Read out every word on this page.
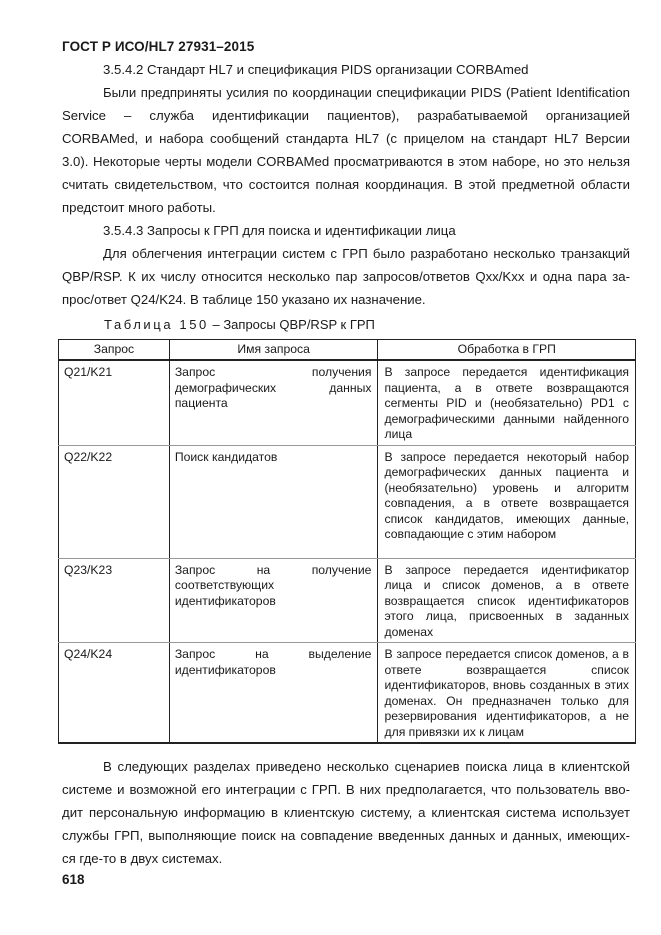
ГОСТ Р ИСО/HL7 27931–2015
3.5.4.2 Стандарт HL7 и спецификация PIDS организации CORBAmed
Были предприняты усилия по координации спецификации PIDS (Patient Identification
Service – служба идентификации пациентов), разрабатываемой организацией
CORBAMed, и набора сообщений стандарта HL7 (с прицелом на стандарт HL7 Версии
3.0). Некоторые черты модели CORBAMed просматриваются в этом наборе, но это нельзя
считать свидетельством, что состоится полная координация. В этой предметной области
предстоит много работы.
3.5.4.3 Запросы к ГРП для поиска и идентификации лица
Для облегчения интеграции систем с ГРП было разработано несколько транзакций
QBP/RSP. К их числу относится несколько пар запросов/ответов Qxx/Kxx и одна пара за-
прос/ответ Q24/K24. В таблице 150 указано их назначение.
Таблица 150 – Запросы QBP/RSP к ГРП
Запрос	Имя запроса	Обработка в ГРП
Q21/K21	Запрос получения демографических данных пациента	В запросе передается идентификация пациента, а в ответе возвращаются сегменты PID и (необязательно) PD1 с демографическими данными найденного лица
Q22/K22	Поиск кандидатов	В запросе передается некоторый набор демографических данных пациента и (необязательно) уровень и алгоритм совпадения, а в ответе возвращается список кандидатов, имеющих данные, совпадающие с этим набором
Q23/K23	Запрос на получение соответствующих идентификаторов	В запросе передается идентификатор лица и список доменов, а в ответе возвращается список идентификаторов этого лица, присвоенных в заданных доменах
Q24/K24	Запрос на выделение идентификаторов	В запросе передается список доменов, а в ответе возвращается список идентификаторов, вновь созданных в этих доменах. Он предназначен только для резервирования идентификаторов, а не для привязки их к лицам
В следующих разделах приведено несколько сценариев поиска лица в клиентской
системе и возможной его интеграции с ГРП. В них предполагается, что пользователь вво-
дит персональную информацию в клиентскую систему, а клиентская система использует
службы ГРП, выполняющие поиск на совпадение введенных данных и данных, имеющих-
ся где-то в двух системах.
618
